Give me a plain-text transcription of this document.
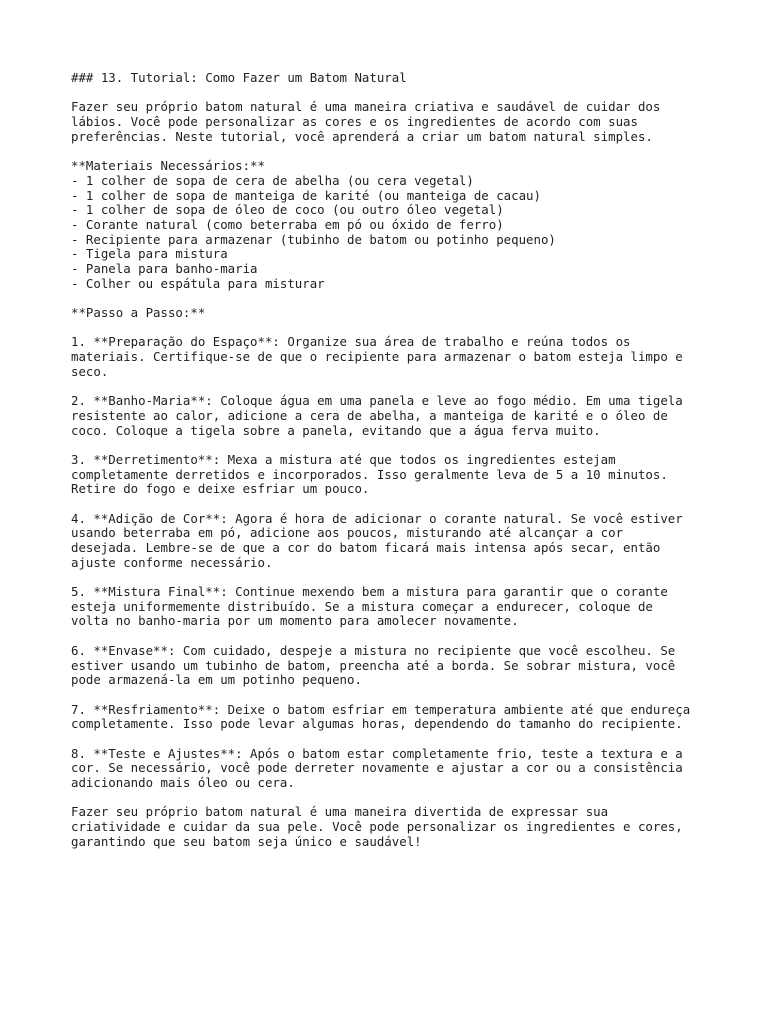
### 13. Tutorial: Como Fazer um Batom Natural
Fazer seu próprio batom natural é uma maneira criativa e saudável de cuidar dos
lábios. Você pode personalizar as cores e os ingredientes de acordo com suas
preferências. Neste tutorial, você aprenderá a criar um batom natural simples.
**Materiais Necessários:**
- 1 colher de sopa de cera de abelha (ou cera vegetal)
- 1 colher de sopa de manteiga de karité (ou manteiga de cacau)
- 1 colher de sopa de óleo de coco (ou outro óleo vegetal)
- Corante natural (como beterraba em pó ou óxido de ferro)
- Recipiente para armazenar (tubinho de batom ou potinho pequeno)
- Tigela para mistura
- Panela para banho-maria
- Colher ou espátula para misturar
**Passo a Passo:**
1. **Preparação do Espaço**: Organize sua área de trabalho e reúna todos os
materiais. Certifique-se de que o recipiente para armazenar o batom esteja limpo e
seco.
2. **Banho-Maria**: Coloque água em uma panela e leve ao fogo médio. Em uma tigela
resistente ao calor, adicione a cera de abelha, a manteiga de karité e o óleo de
coco. Coloque a tigela sobre a panela, evitando que a água ferva muito.
3. **Derretimento**: Mexa a mistura até que todos os ingredientes estejam
completamente derretidos e incorporados. Isso geralmente leva de 5 a 10 minutos.
Retire do fogo e deixe esfriar um pouco.
4. **Adição de Cor**: Agora é hora de adicionar o corante natural. Se você estiver
usando beterraba em pó, adicione aos poucos, misturando até alcançar a cor
desejada. Lembre-se de que a cor do batom ficará mais intensa após secar, então
ajuste conforme necessário.
5. **Mistura Final**: Continue mexendo bem a mistura para garantir que o corante
esteja uniformemente distribuído. Se a mistura começar a endurecer, coloque de
volta no banho-maria por um momento para amolecer novamente.
6. **Envase**: Com cuidado, despeje a mistura no recipiente que você escolheu. Se
estiver usando um tubinho de batom, preencha até a borda. Se sobrar mistura, você
pode armazená-la em um potinho pequeno.
7. **Resfriamento**: Deixe o batom esfriar em temperatura ambiente até que endureça
completamente. Isso pode levar algumas horas, dependendo do tamanho do recipiente.
8. **Teste e Ajustes**: Após o batom estar completamente frio, teste a textura e a
cor. Se necessário, você pode derreter novamente e ajustar a cor ou a consistência
adicionando mais óleo ou cera.
Fazer seu próprio batom natural é uma maneira divertida de expressar sua
criatividade e cuidar da sua pele. Você pode personalizar os ingredientes e cores,
garantindo que seu batom seja único e saudável!
